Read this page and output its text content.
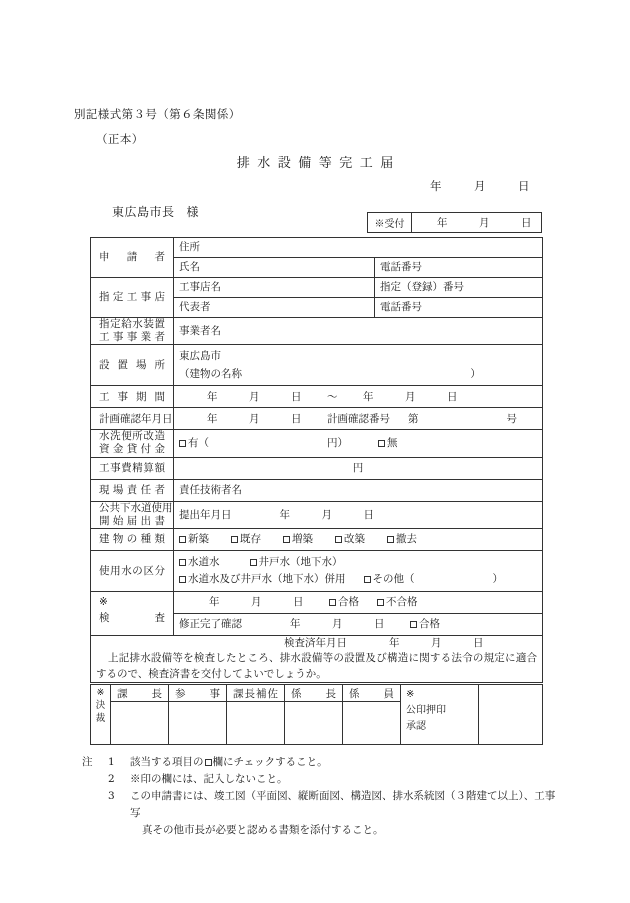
別記様式第３号（第６条関係）
（正本）
排水設備等完工届
年	月	日
東広島市長 様
※受付	年	月	日
申請者	住所	
	氏名	電話番号

指定工事店	工事店名	指定（登録）番号
	代表者	電話番号

指定給水装置
工事事業者	事業者名	

設置場所	東広島市
（建物の名称 ）	

工事期間	年 月 日 〜 年 月 日	

計画確認年月日	年 月 日 計画確認番号 第 号	

水洗便所改造
資金貸付金	有（ 円） 無	

工事費精算額	円	

現場責任者	責任技術者名	

公共下水道使用
開始届出書	提出年月日 年 月 日	

建物の種類	新築 既存 増築 改築 撤去	

使用水の区分	水道水 井戸水（地下水）
水道水及び井戸水（地下水）併用 その他（ ）	

※
検査	年 月 日 合格 不合格	
	修正完了確認 年 月 日 合格	

検査済年月日 年 月 日
上記排水設備等を検査したところ、排水設備等の設置及び構造に関する法令の規定に適合するので、検査済書を交付してよいでしょうか。		
※
決
裁	課長	参事	課長補佐	係長	係員	※
公印押印
承認	

注	1	該当する項目の 欄にチェックすること。
2	※印の欄には、記入しないこと。
3	この申請書には、竣工図（平面図、縦断面図、構造図、排水系統図（３階建て以上）、工事写
真その他市長が必要と認める書類を添付すること。
